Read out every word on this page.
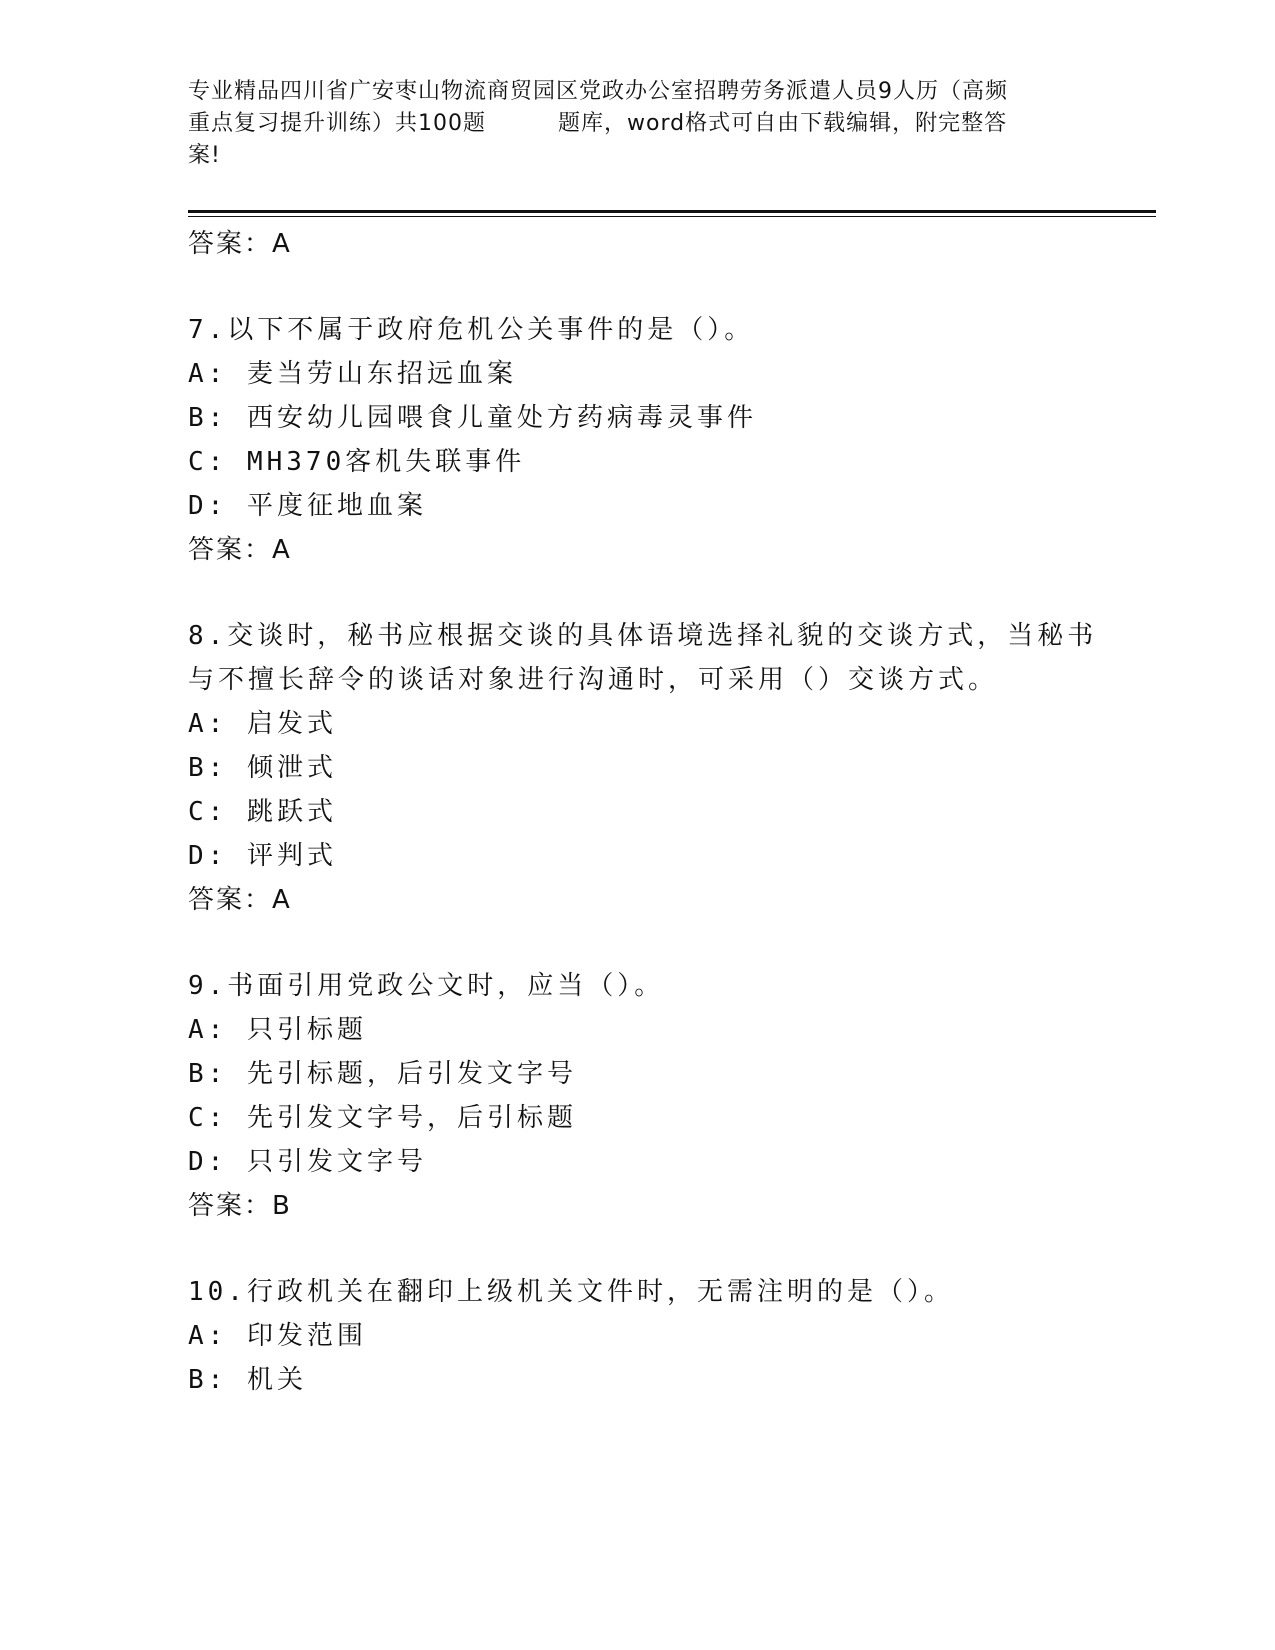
专业精品四川省广安枣山物流商贸园区党政办公室招聘劳务派遣人员9人历（高频
重点复习提升训练）共100题	题库，word格式可自由下载编辑，附完整答
案!
答案：A
7.以下不属于政府危机公关事件的是（）。
A: 麦当劳山东招远血案
B: 西安幼儿园喂食儿童处方药病毒灵事件
C: MH370客机失联事件
D: 平度征地血案
答案：A
8.交谈时，秘书应根据交谈的具体语境选择礼貌的交谈方式，当秘书
与不擅长辞令的谈话对象进行沟通时，可采用（）交谈方式。
A: 启发式
B: 倾泄式
C: 跳跃式
D: 评判式
答案：A
9.书面引用党政公文时，应当（）。
A: 只引标题
B: 先引标题，后引发文字号
C: 先引发文字号，后引标题
D: 只引发文字号
答案：B
10.行政机关在翻印上级机关文件时，无需注明的是（）。
A: 印发范围
B: 机关
